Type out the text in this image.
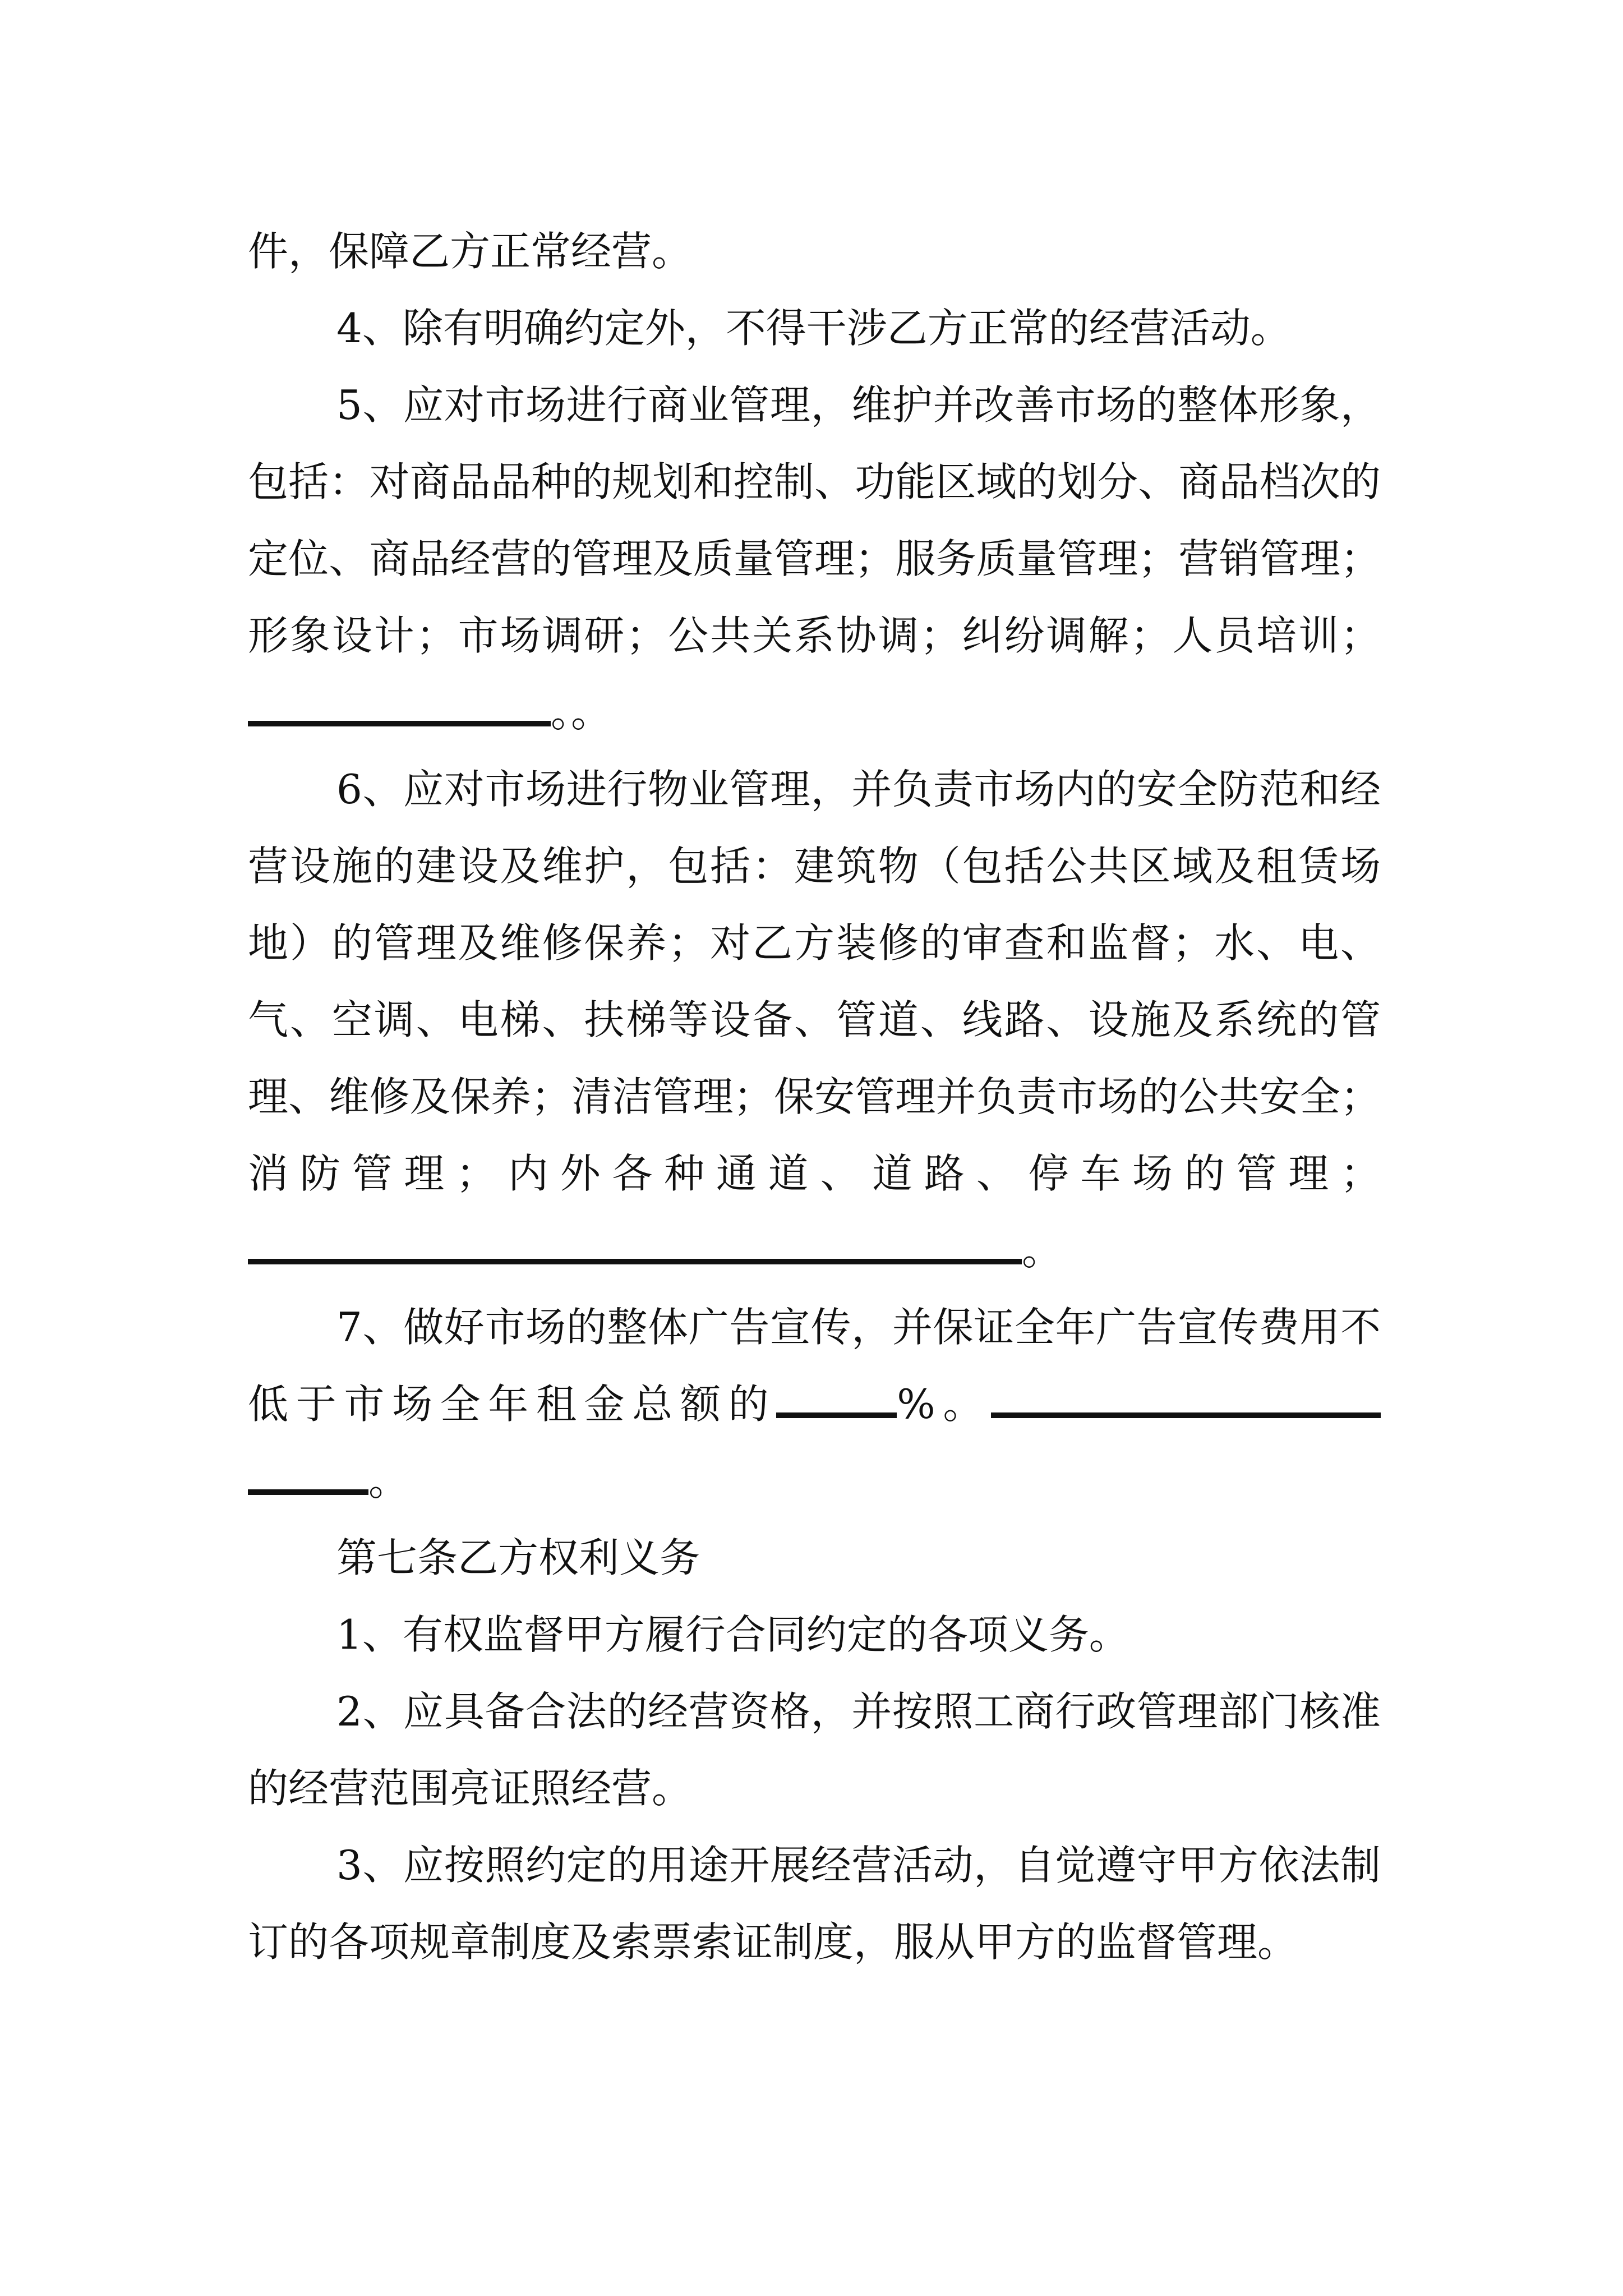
件，保障乙方正常经营。

4、除有明确约定外，不得干涉乙方正常的经营活动。

5、应对市场进行商业管理，维护并改善市场的整体形象，包括：对商品品种的规划和控制、功能区域的划分、商品档次的定位、商品经营的管理及质量管理；服务质量管理；营销管理；形象设计；市场调研；公共关系协调；纠纷调解；人员培训；。。

6、应对市场进行物业管理，并负责市场内的安全防范和经营设施的建设及维护，包括：建筑物（包括公共区域及租赁场地）的管理及维修保养；对乙方装修的审查和监督；水、电、气、空调、电梯、扶梯等设备、管道、线路、设施及系统的管理、维修及保养；清洁管理；保安管理并负责市场的公共安全；消防管理；内外各种通道、道路、停车场的管理；。

7、做好市场的整体广告宣传，并保证全年广告宣传费用不低于市场全年租金总额的	%。。

第七条乙方权利义务

1、有权监督甲方履行合同约定的各项义务。

2、应具备合法的经营资格，并按照工商行政管理部门核准的经营范围亮证照经营。

3、应按照约定的用途开展经营活动，自觉遵守甲方依法制订的各项规章制度及索票索证制度，服从甲方的监督管理。
